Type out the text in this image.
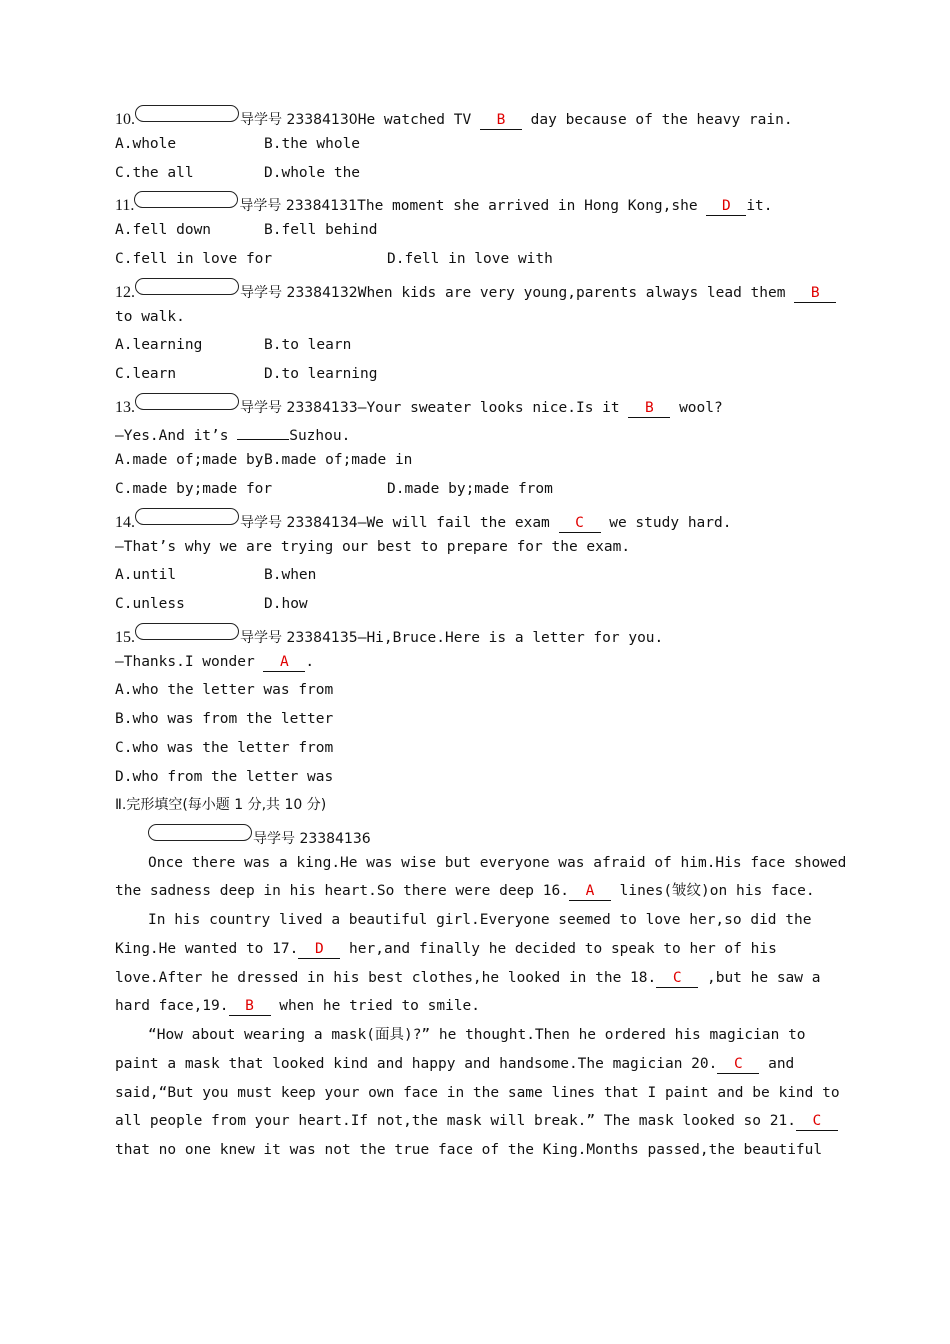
10.	导学号 23384130He watched TV B day because of the heavy rain.
A.whole	B.the whole
C.the all	D.whole the
11.	导学号 23384131The moment she arrived in Hong Kong,she D it.
A.fell down	B.fell behind
C.fell in love for	D.fell in love with
12.	导学号 23384132When kids are very young,parents always lead them B
to walk.
A.learning	B.to learn
C.learn	D.to learning
13.	导学号 23384133—Your sweater looks nice.Is it B wool?
—Yes.And it’s	Suzhou.
A.made of;made by B.made of;made in
C.made by;made for	D.made by;made from
14.	导学号 23384134—We will fail the exam C we study hard.
—That’s why we are trying our best to prepare for the exam.
A.until	B.when
C.unless	D.how
15.	导学号 23384135—Hi,Bruce.Here is a letter for you.
—Thanks.I wonder A .
A.who the letter was from
B.who was from the letter
C.who was the letter from
D.who from the letter was
Ⅱ.完形填空(每小题 1 分,共 10 分)
导学号 23384136
Once there was a king.He was wise but everyone was afraid of him.His face showed
the sadness deep in his heart.So there were deep 16. A lines(皱纹)on his face.
In his country lived a beautiful girl.Everyone seemed to love her,so did the
King.He wanted to 17. D her,and finally he decided to speak to her of his
love.After he dressed in his best clothes,he looked in the 18. C ,but he saw a
hard face,19. B when he tried to smile.
“How about wearing a mask(面具)?” he thought.Then he ordered his magician to
paint a mask that looked kind and happy and handsome.The magician 20. C and
said,“But you must keep your own face in the same lines that I paint and be kind to
all people from your heart.If not,the mask will break.” The mask looked so 21. C
that no one knew it was not the true face of the King.Months passed,the beautiful
